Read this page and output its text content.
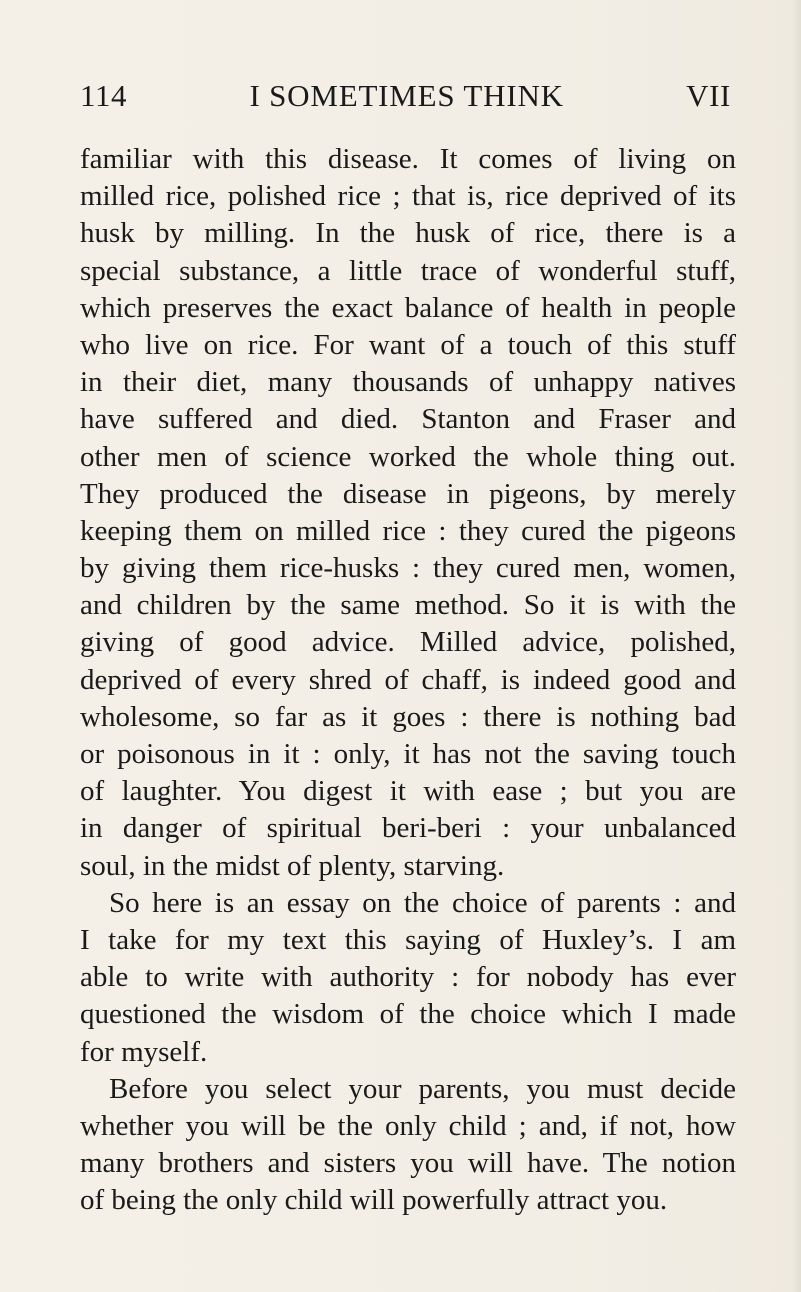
114	I SOMETIMES THINK	VII
familiar with this disease. It comes of living on
milled rice, polished rice ; that is, rice deprived of its
husk by milling. In the husk of rice, there is a
special substance, a little trace of wonderful stuff,
which preserves the exact balance of health in people
who live on rice. For want of a touch of this stuff
in their diet, many thousands of unhappy natives
have suffered and died. Stanton and Fraser and
other men of science worked the whole thing out.
They produced the disease in pigeons, by merely
keeping them on milled rice : they cured the pigeons
by giving them rice-husks : they cured men, women,
and children by the same method. So it is with the
giving of good advice. Milled advice, polished,
deprived of every shred of chaff, is indeed good and
wholesome, so far as it goes : there is nothing bad
or poisonous in it : only, it has not the saving touch
of laughter. You digest it with ease ; but you are
in danger of spiritual beri-beri : your unbalanced
soul, in the midst of plenty, starving.
So here is an essay on the choice of parents : and
I take for my text this saying of Huxley’s. I am
able to write with authority : for nobody has ever
questioned the wisdom of the choice which I made
for myself.
Before you select your parents, you must decide
whether you will be the only child ; and, if not, how
many brothers and sisters you will have. The notion
of being the only child will powerfully attract you.
